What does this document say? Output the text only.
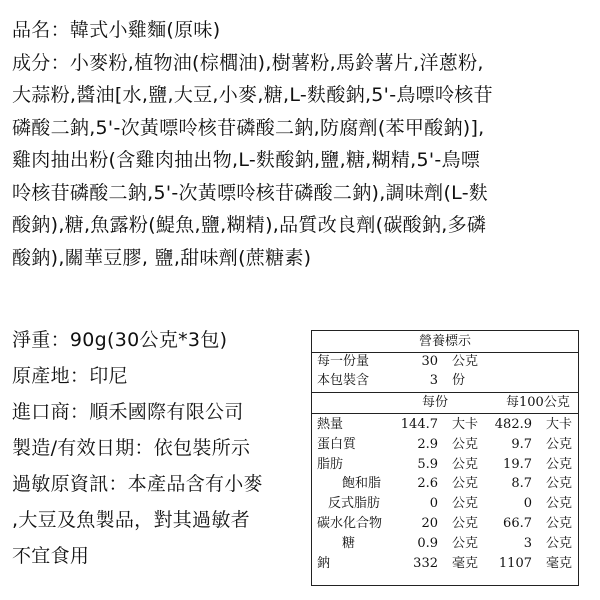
品名：韓式小雞麵(原味)
成分：小麥粉,植物油(棕櫚油),樹薯粉,馬鈴薯片,洋蔥粉,
大蒜粉,醬油[水,鹽,大豆,小麥,糖,L-麩酸鈉,5'-鳥嘌呤核苷
磷酸二鈉,5'-次黃嘌呤核苷磷酸二鈉,防腐劑(苯甲酸鈉)],
雞肉抽出粉(含雞肉抽出物,L-麩酸鈉,鹽,糖,糊精,5'-鳥嘌
呤核苷磷酸二鈉,5'-次黃嘌呤核苷磷酸二鈉),調味劑(L-麩
酸鈉),糖,魚露粉(鯷魚,鹽,糊精),品質改良劑(碳酸鈉,多磷
酸鈉),關華豆膠, 鹽,甜味劑(蔗糖素)
淨重：90g(30公克*3包)
原產地：印尼
進口商：順禾國際有限公司
製造/有效日期：依包裝所示
過敏原資訊：本產品含有小麥
,大豆及魚製品，對其過敏者
不宜食用
營養標示
每一份量	30 公克
本包裝含	3 份
每份	每100公克
熱量	144.7 大卡 482.9 大卡
蛋白質	2.9 公克	9.7 公克
脂肪	5.9 公克 19.7 公克
飽和脂	2.6 公克	8.7 公克
反式脂肪	0 公克	0 公克
碳水化合物	20 公克 66.7 公克
糖	0.9 公克	3 公克
鈉	332 毫克 1107 毫克
